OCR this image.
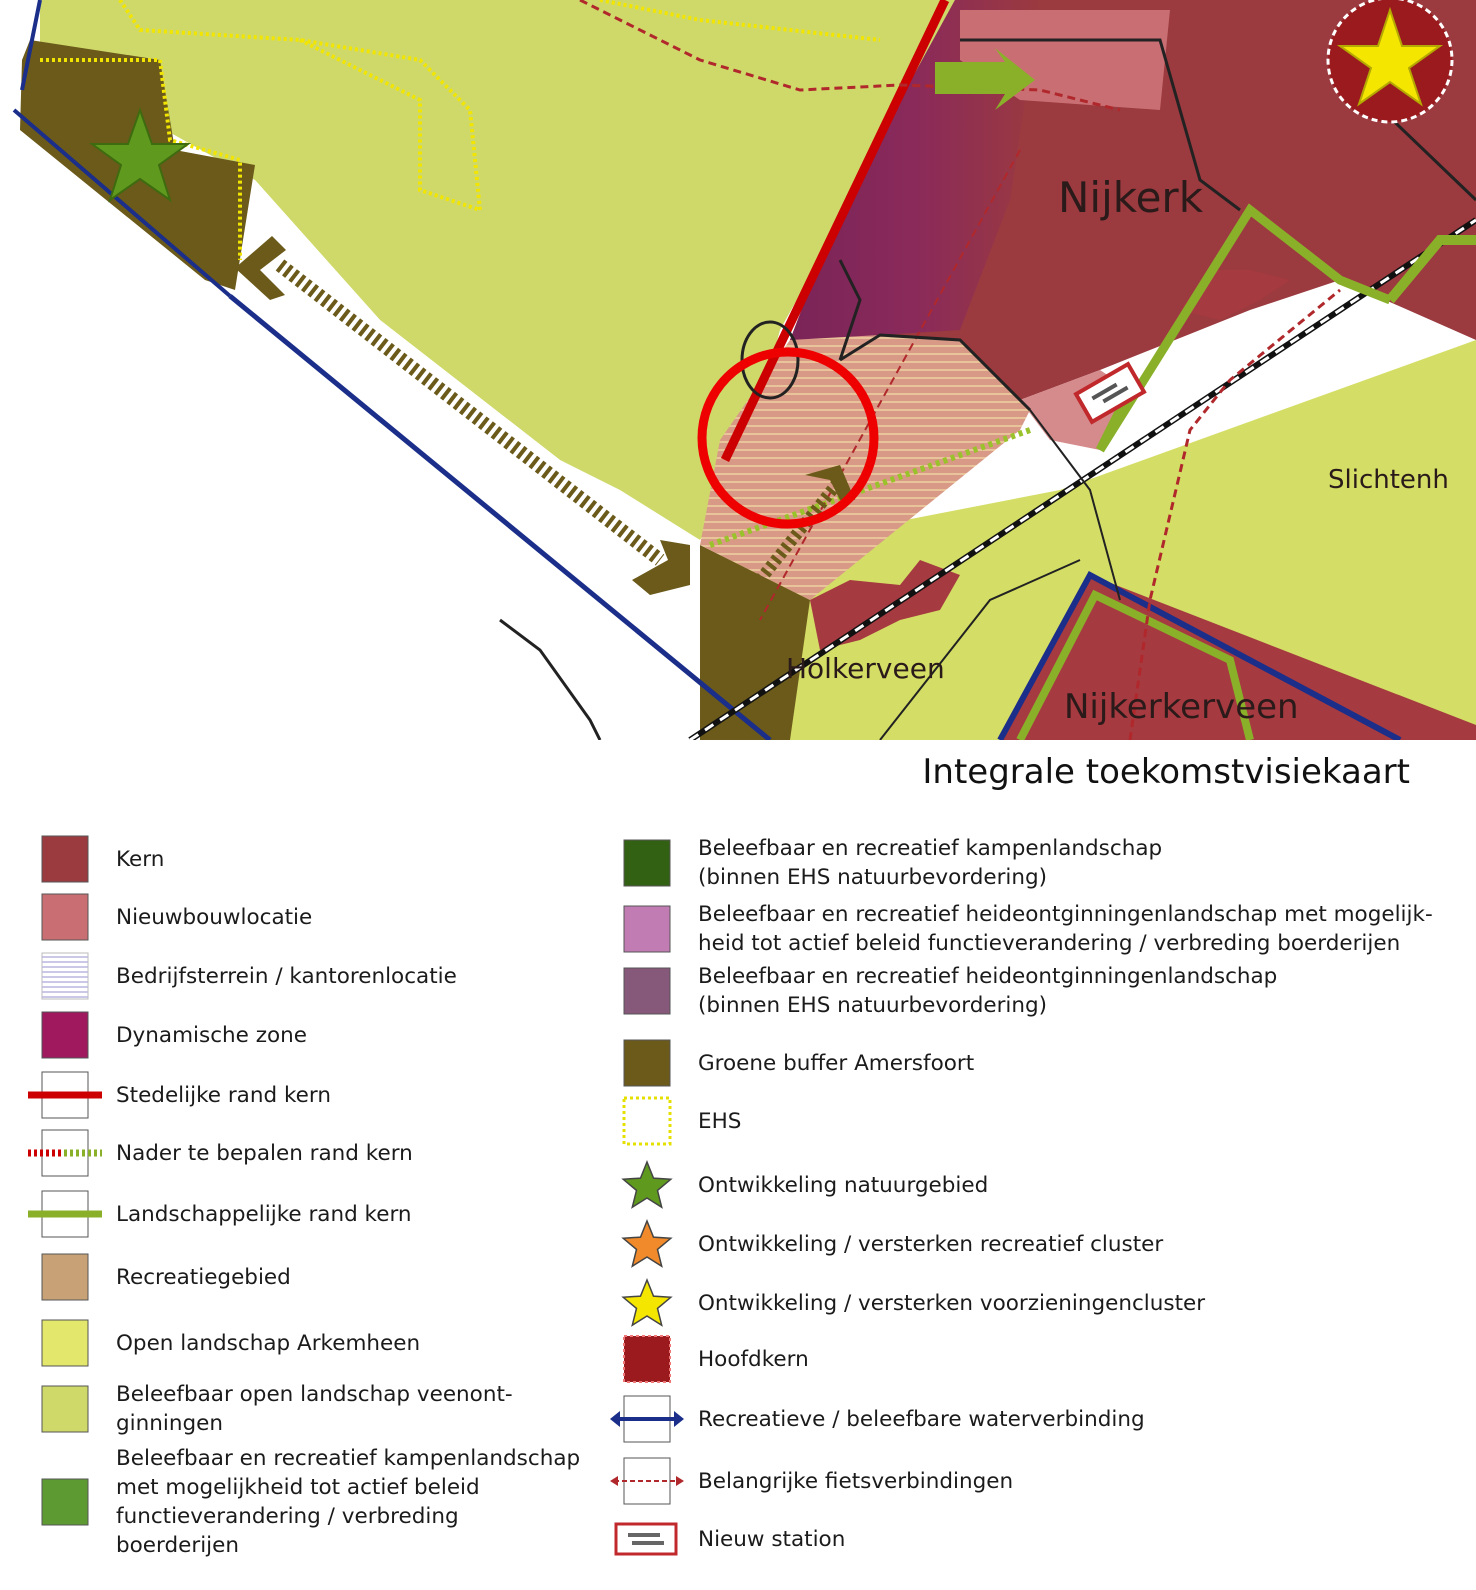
Nijkerk
Holkerveen
Nijkerkerveen
Slichtenh
Integrale toekomstvisiekaart
Kern
Nieuwbouwlocatie
Bedrijfsterrein / kantorenlocatie
Dynamische zone
Stedelijke rand kern
Nader te bepalen rand kern
Landschappelijke rand kern
Recreatiegebied
Open landschap Arkemheen
Beleefbaar open landschap veenont-
ginningen
Beleefbaar en recreatief kampenlandschap
met mogelijkheid tot actief beleid
functieverandering / verbreding boerderijen
Beleefbaar en recreatief kampenlandschap
(binnen EHS natuurbevordering)
Beleefbaar en recreatief heideontginningenlandschap met mogelijk-
heid tot actief beleid functieverandering / verbreding boerderijen
Beleefbaar en recreatief heideontginningenlandschap
(binnen EHS natuurbevordering)
Groene buffer Amersfoort
EHS
Ontwikkeling natuurgebied
Ontwikkeling / versterken recreatief cluster
Ontwikkeling / versterken voorzieningencluster
Hoofdkern
Recreatieve / beleefbare waterverbinding
Belangrijke fietsverbindingen
Nieuw station
